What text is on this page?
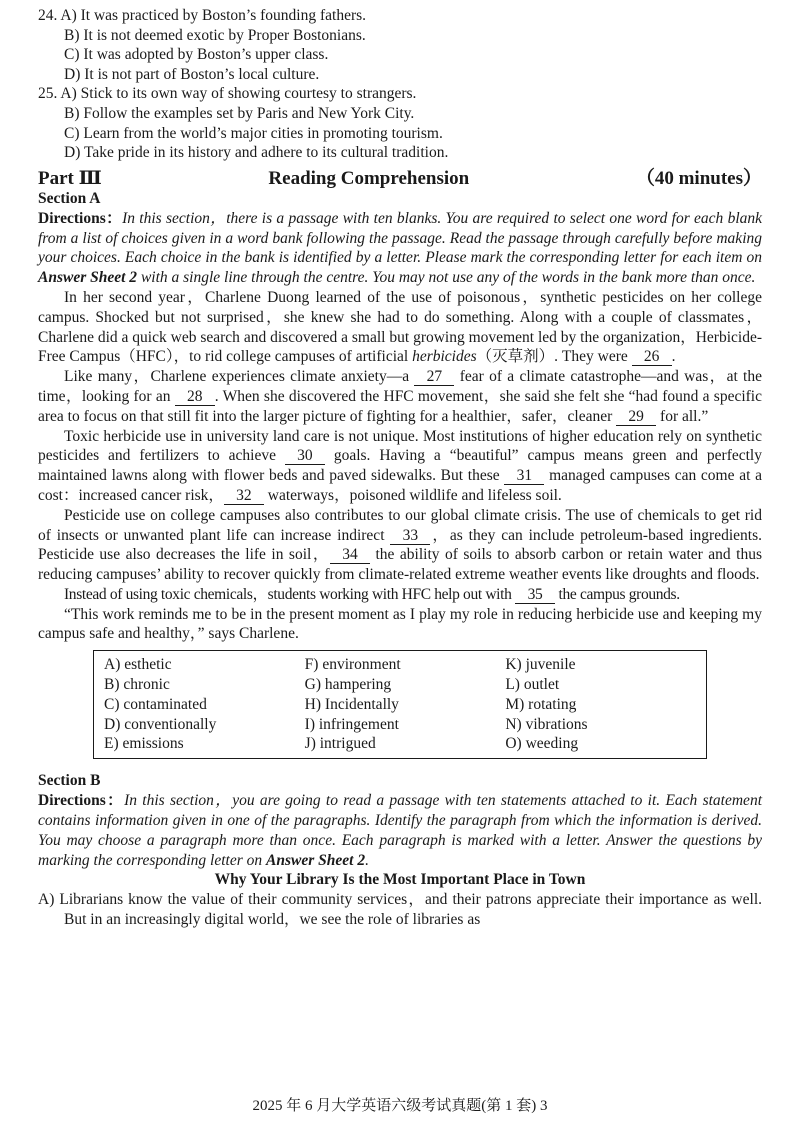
24. A) It was practiced by Boston’s founding fathers.
B) It is not deemed exotic by Proper Bostonians.
C) It was adopted by Boston’s upper class.
D) It is not part of Boston’s local culture.
25. A) Stick to its own way of showing courtesy to strangers.
B) Follow the examples set by Paris and New York City.
C) Learn from the world’s major cities in promoting tourism.
D) Take pride in its history and adhere to its cultural tradition.
Part Ⅲ	Reading Comprehension	（40 minutes）
Section A

Directions：In this section，there is a passage with ten blanks. You are required to select one word for each blank from a list of choices given in a word bank following the passage. Read the passage through carefully before making your choices. Each choice in the bank is identified by a letter. Please mark the corresponding letter for each item on Answer Sheet 2 with a single line through the centre. You may not use any of the words in the bank more than once.

In her second year，Charlene Duong learned of the use of poisonous，synthetic pesticides on her college campus. Shocked but not surprised，she knew she had to do something. Along with a couple of classmates，Charlene did a quick web search and discovered a small but growing movement led by the organization，Herbicide-Free Campus（HFC），to rid college campuses of artificial herbicides（灭草剂）. They were 26 .

Like many，Charlene experiences climate anxiety—a 27 fear of a climate catastrophe—and was，at the time，looking for an 28 . When she discovered the HFC movement，she said she felt she “had found a specific area to focus on that still fit into the larger picture of fighting for a healthier，safer，cleaner 29 for all.”

Toxic herbicide use in university land care is not unique. Most institutions of higher education rely on synthetic pesticides and fertilizers to achieve 30 goals. Having a “beautiful” campus means green and perfectly maintained lawns along with flower beds and paved sidewalks. But these 31 managed campuses can come at a cost：increased cancer risk， 32 waterways，poisoned wildlife and lifeless soil.

Pesticide use on college campuses also contributes to our global climate crisis. The use of chemicals to get rid of insects or unwanted plant life can increase indirect 33 ，as they can include petroleum-based ingredients. Pesticide use also decreases the life in soil， 34 the ability of soils to absorb carbon or retain water and thus reducing campuses’ ability to recover quickly from climate-related extreme weather events like droughts and floods.

Instead of using toxic chemicals，students working with HFC help out with 35 the campus grounds.

“This work reminds me to be in the present moment as I play my role in reducing herbicide use and keeping my campus safe and healthy，” says Charlene.

A) esthetic
B) chronic
C) contaminated
D) conventionally
E) emissions
F) environment
G) hampering
H) Incidentally
I) infringement
J) intrigued
K) juvenile
L) outlet
M) rotating
N) vibrations
O) weeding
Section B

Directions：In this section，you are going to read a passage with ten statements attached to it. Each statement contains information given in one of the paragraphs. Identify the paragraph from which the information is derived. You may choose a paragraph more than once. Each paragraph is marked with a letter. Answer the questions by marking the corresponding letter on Answer Sheet 2.

Why Your Library Is the Most Important Place in Town

A) Librarians know the value of their community services，and their patrons appreciate their importance as well. But in an increasingly digital world，we see the role of libraries as

2025 年 6 月大学英语六级考试真题(第 1 套) 3
